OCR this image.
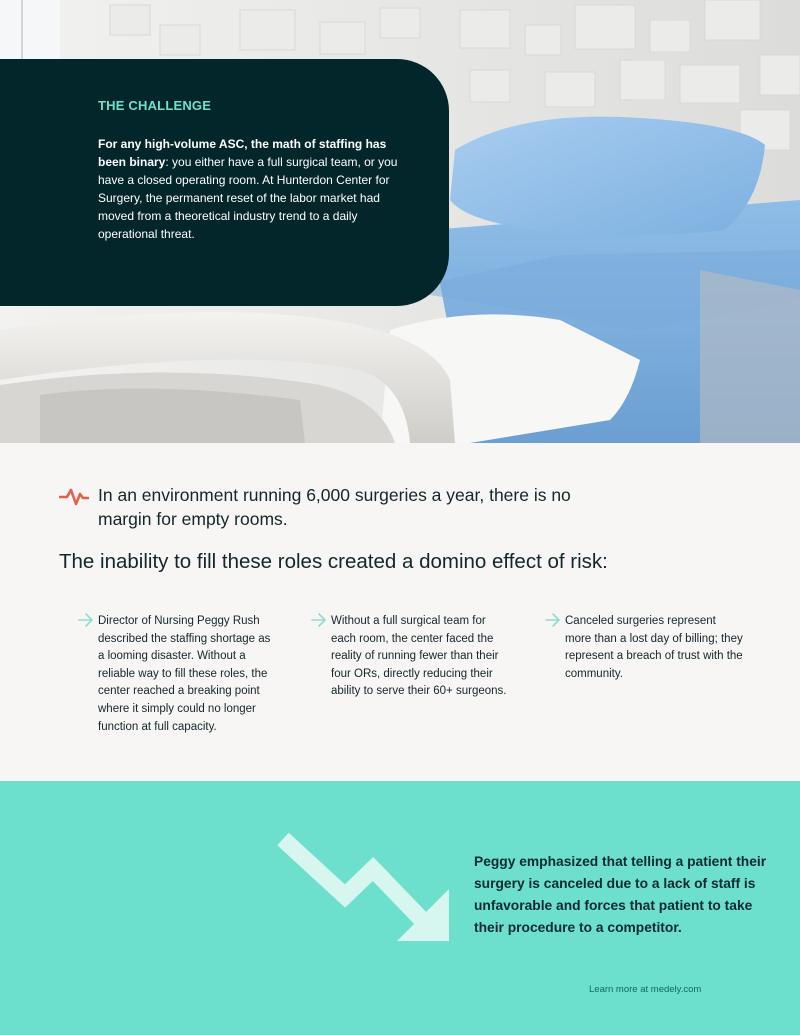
THE CHALLENGE
For any high-volume ASC, the math of staffing has been binary: you either have a full surgical team, or you have a closed operating room. At Hunterdon Center for Surgery, the permanent reset of the labor market had moved from a theoretical industry trend to a daily operational threat.
In an environment running 6,000 surgeries a year, there is no margin for empty rooms.
The inability to fill these roles created a domino effect of risk:

Director of Nursing Peggy Rush described the staffing shortage as a looming disaster. Without a reliable way to fill these roles, the center reached a breaking point where it simply could no longer function at full capacity.

Without a full surgical team for each room, the center faced the reality of running fewer than their four ORs, directly reducing their ability to serve their 60+ surgeons.

Canceled surgeries represent more than a lost day of billing; they represent a breach of trust with the community.

Peggy emphasized that telling a patient their surgery is canceled due to a lack of staff is unfavorable and forces that patient to take their procedure to a competitor.
Learn more at medely.com
